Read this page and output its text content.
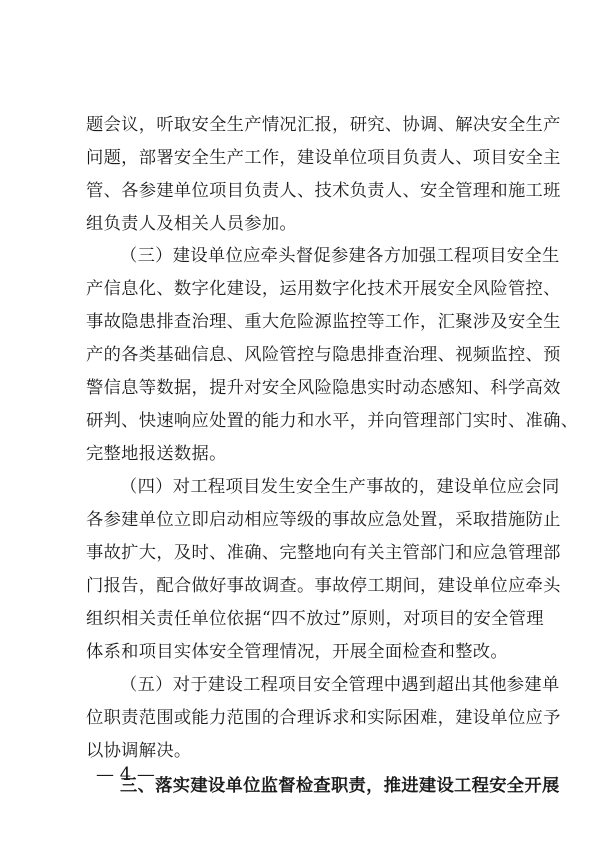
题会议，听取安全生产情况汇报，研究、协调、解决安全生产
问题，部署安全生产工作，建设单位项目负责人、项目安全主
管、各参建单位项目负责人、技术负责人、安全管理和施工班
组负责人及相关人员参加。
（三）建设单位应牵头督促参建各方加强工程项目安全生
产信息化、数字化建设，运用数字化技术开展安全风险管控、
事故隐患排查治理、重大危险源监控等工作，汇聚涉及安全生
产的各类基础信息、风险管控与隐患排查治理、视频监控、预
警信息等数据，提升对安全风险隐患实时动态感知、科学高效
研判、快速响应处置的能力和水平，并向管理部门实时、准确、
完整地报送数据。
（四）对工程项目发生安全生产事故的，建设单位应会同
各参建单位立即启动相应等级的事故应急处置，采取措施防止
事故扩大，及时、准确、完整地向有关主管部门和应急管理部
门报告，配合做好事故调查。事故停工期间，建设单位应牵头
组织相关责任单位依据“四不放过”原则，对项目的安全管理
体系和项目实体安全管理情况，开展全面检查和整改。
（五）对于建设工程项目安全管理中遇到超出其他参建单
位职责范围或能力范围的合理诉求和实际困难，建设单位应予
以协调解决。
三、落实建设单位监督检查职责，推进建设工程安全开展
— 4 —
